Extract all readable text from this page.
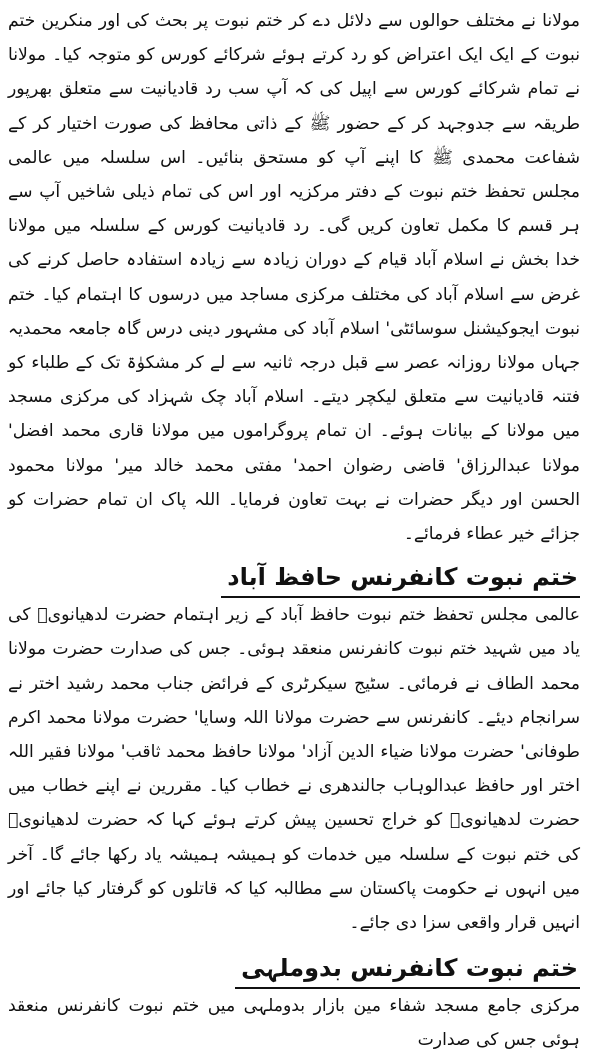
مولانا نے مختلف حوالوں سے دلائل دے کر ختم نبوت پر بحث کی اور منکرین ختم نبوت کے ایک ایک اعتراض کو رد کرتے ہوئے شرکائے کورس کو متوجہ کیا۔ مولانا نے تمام شرکائے کورس سے اپیل کی کہ آپ سب رد قادیانیت سے متعلق بھرپور طریقہ سے جدوجہد کر کے حضور ﷺ کے ذاتی محافظ کی صورت اختیار کر کے شفاعت محمدی ﷺ کا اپنے آپ کو مستحق بنائیں۔ اس سلسلہ میں عالمی مجلس تحفظ ختم نبوت کے دفتر مرکزیہ اور اس کی تمام ذیلی شاخیں آپ سے ہر قسم کا مکمل تعاون کریں گی۔ رد قادیانیت کورس کے سلسلہ میں مولانا خدا بخش نے اسلام آباد قیام کے دوران زیادہ سے زیادہ استفادہ حاصل کرنے کی غرض سے اسلام آباد کی مختلف مرکزی مساجد میں درسوں کا اہتمام کیا۔ ختم نبوت ایجوکیشنل سوسائٹی' اسلام آباد کی مشہور دینی درس گاہ جامعہ محمدیہ جہاں مولانا روزانہ عصر سے قبل درجہ ثانیہ سے لے کر مشکوٰۃ تک کے طلباء کو فتنہ قادیانیت سے متعلق لیکچر دیتے۔ اسلام آباد چک شہزاد کی مرکزی مسجد میں مولانا کے بیانات ہوئے۔ ان تمام پروگراموں میں مولانا قاری محمد افضل' مولانا عبدالرزاق' قاضی رضوان احمد' مفتی محمد خالد میر' مولانا محمود الحسن اور دیگر حضرات نے بہت تعاون فرمایا۔ اللہ پاک ان تمام حضرات کو جزائے خیر عطاء فرمائے۔

ختم نبوت کانفرنس حافظ آباد

عالمی مجلس تحفظ ختم نبوت حافظ آباد کے زیر اہتمام حضرت لدھیانویؒ کی یاد میں شہید ختم نبوت کانفرنس منعقد ہوئی۔ جس کی صدارت حضرت مولانا محمد الطاف نے فرمائی۔ سٹیج سیکرٹری کے فرائض جناب محمد رشید اختر نے سرانجام دیئے۔ کانفرنس سے حضرت مولانا اللہ وسایا' حضرت مولانا محمد اکرم طوفانی' حضرت مولانا ضیاء الدین آزاد' مولانا حافظ محمد ثاقب' مولانا فقیر اللہ اختر اور حافظ عبدالوہاب جالندھری نے خطاب کیا۔ مقررین نے اپنے خطاب میں حضرت لدھیانویؒ کو خراج تحسین پیش کرتے ہوئے کہا کہ حضرت لدھیانویؒ کی ختم نبوت کے سلسلہ میں خدمات کو ہمیشہ ہمیشہ یاد رکھا جائے گا۔ آخر میں انہوں نے حکومت پاکستان سے مطالبہ کیا کہ قاتلوں کو گرفتار کیا جائے اور انہیں قرار واقعی سزا دی جائے۔

ختم نبوت کانفرنس بدوملہی

مرکزی جامع مسجد شفاء مین بازار بدوملہی میں ختم نبوت کانفرنس منعقد ہوئی جس کی صدارت
